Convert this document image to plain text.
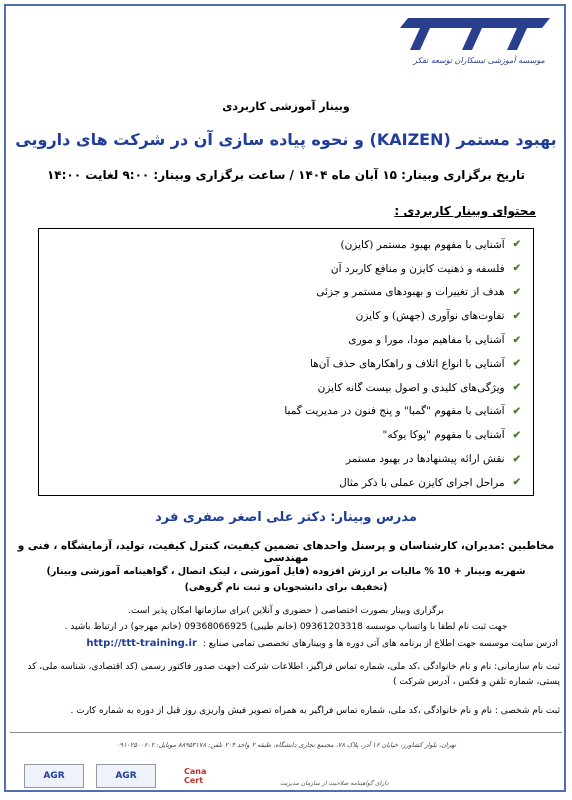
موسسه آموزشی تیسکاران توسعه تفکر
وبینار آموزشی کاربردی
بهبود مستمر (KAIZEN) و نحوه پیاده سازی آن در شرکت های دارویی
تاریخ برگزاری وبینار: ۱۵ آبان ماه ۱۴۰۴ / ساعت برگزاری وبینار: ۹:۰۰ لغایت ۱۴:۰۰
محتوای وبینار کاربردی :
✔
آشنایی با مفهوم بهبود مستمر (کایزن)
✔
فلسفه و ذهنیت کایزن و منافع کاربرد آن
✔
هدف از تغییرات و بهبودهای مستمر و جزئی
✔
تفاوت‌های نوآوری (جهش) و کایزن
✔
آشنایی با مفاهیم مودا، مورا و موری
✔
آشنایی با انواع اتلاف و راهکارهای حذف آن‌ها
✔
ویژگی‌های کلیدی و اصول بیست گانه کایزن
✔
آشنایی با مفهوم "گمبا" و پنج فنون در مدیریت گمبا
✔
آشنایی با مفهوم "پوکا یوکه"
✔
نقش ارائه پیشنهادها در بهبود مستمر
✔
مراحل اجرای کایزن عملی با ذکر مثال
مدرس وبینار: دکتر علی اصغر صفری فرد
مخاطبین :مدیران، کارشناسان و پرسنل واحدهای تضمین کیفیت، کنترل کیفیت، تولید، آزمایشگاه ، فنی و مهندسی
شهریه وبینار + 10 % مالیات بر ارزش افزوده (فایل آموزشی ، لینک اتصال ، گواهینامه آموزشی وبینار)
(تخفیف برای دانشجویان و ثبت نام گروهی)
برگزاری وبینار بصورت اختصاصی ( حضوری و آنلاین )برای سازمانها امکان پذیر است.
جهت ثبت نام لطفا با واتساپ موسسه 09361203318 (خانم طیبی) 09368066925 (خانم مهرجو) در ارتباط باشید .
ادرس سایت موسسه جهت اطلاع از برنامه های آتی دوره ها و وبینارهای تخصصی تمامی صنایع :
http://ttt-training.ir
ثبت نام سازمانی: نام و نام خانوادگی ،کد ملی، شماره تماس فراگیر، اطلاعات شرکت (جهت صدور فاکتور رسمی (کد اقتصادی، شناسه ملی، کد پستی، شماره تلفن و فکس ، آدرس شرکت )
ثبت نام شخصی : نام و نام خانوادگی ،کد ملی، شماره تماس فراگیر به همراه تصویر فیش واریزی روز قبل از دوره به شماره کارت .
تهران، بلوار کشاورز، خیابان ۱۶ آذر، پلاک ۷۸، مجتمع تجاری دانشگاه، طبقه ۲ واحد ۲۰۴ تلفن: ۸۸۹۵۳۱۷۸ موبایل: ۰۹۱۰۲۵۰۰۶۰۲
AGR	AGR	Cana Cert	دارای گواهینامه صلاحیت از سازمان مدیریت
